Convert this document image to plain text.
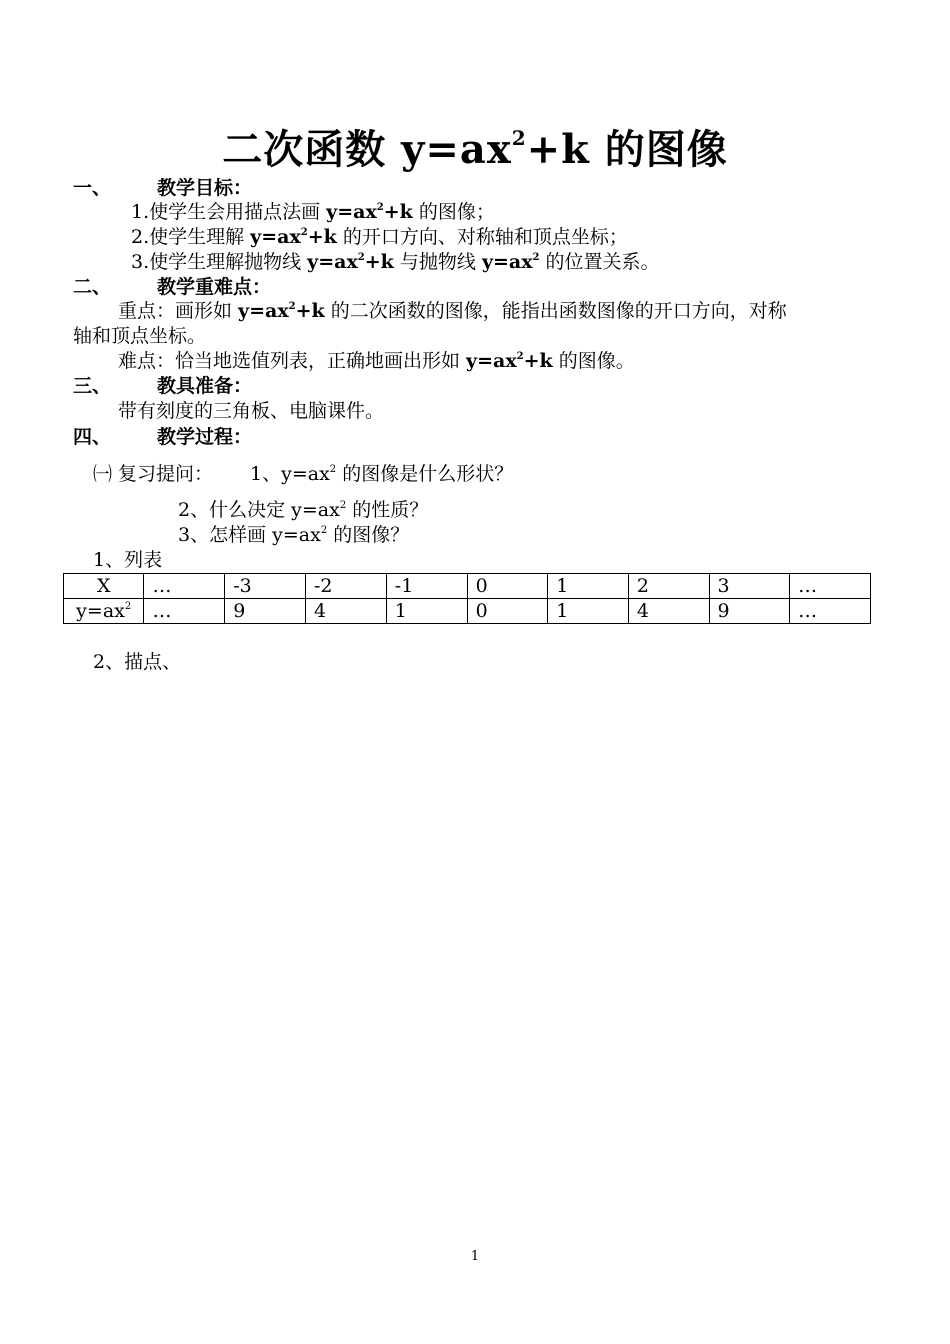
二次函数 $y=ax^2+k$ 的图像
一、 教学目标：
1.使学生会用描点法画 $y=ax^2+k$ 的图像；
2.使学生理解 $y=ax^2+k$ 的开口方向、对称轴和顶点坐标；
3.使学生理解抛物线 $y=ax^2+k$ 与抛物线 $y=ax^2$ 的位置关系。
二、 教学重难点：
重点：画形如 $y=ax^2+k$ 的二次函数的图像，能指出函数图像的开口方向，对称
轴和顶点坐标。
难点：恰当地选值列表，正确地画出形如 $y=ax^2+k$ 的图像。
三、 教具准备：
带有刻度的三角板、电脑课件。
四、 教学过程：
㈠ 复习提问： 1、$y=ax^2$ 的图像是什么形状？
2、什么决定 $y=ax^2$ 的性质？
3、怎样画 $y=ax^2$ 的图像？
1、列表
X	…	-3	-2	-1	0	1	2	3	…
$y=ax^2$	…	9	4	1	0	1	4	9	…
2、描点、
1
